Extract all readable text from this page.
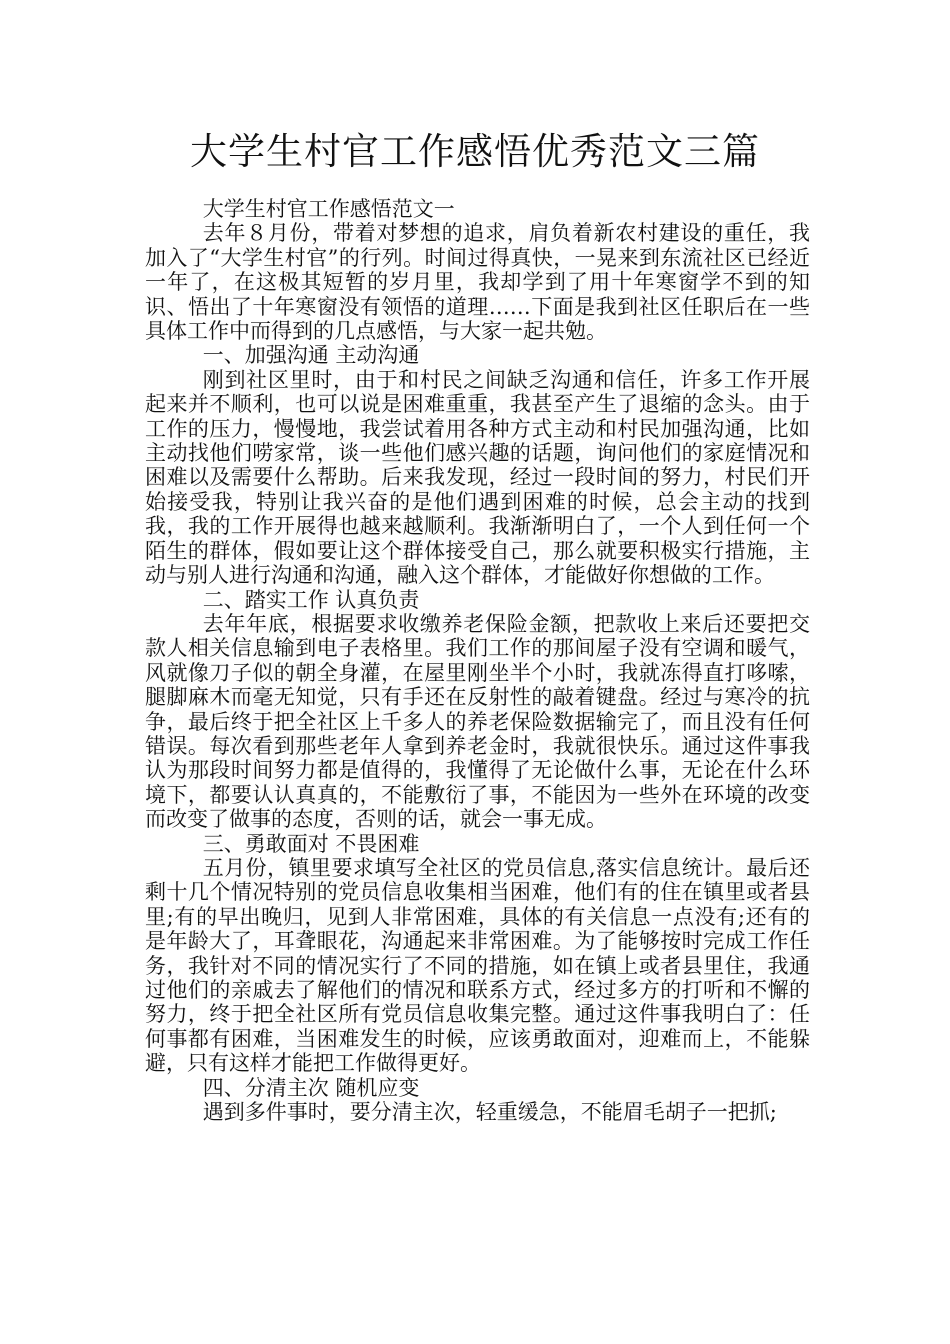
大学生村官工作感悟优秀范文三篇

大学生村官工作感悟范文一

去年８月份，带着对梦想的追求，肩负着新农村建设的重任，我加入了“大学生村官”的行列。时间过得真快，一晃来到东流社区已经近一年了，在这极其短暂的岁月里，我却学到了用十年寒窗学不到的知识、悟出了十年寒窗没有领悟的道理……下面是我到社区任职后在一些具体工作中而得到的几点感悟，与大家一起共勉。

一、加强沟通 主动沟通

刚到社区里时，由于和村民之间缺乏沟通和信任，许多工作开展起来并不顺利，也可以说是困难重重，我甚至产生了退缩的念头。由于工作的压力，慢慢地，我尝试着用各种方式主动和村民加强沟通，比如主动找他们唠家常，谈一些他们感兴趣的话题，询问他们的家庭情况和困难以及需要什么帮助。后来我发现，经过一段时间的努力，村民们开始接受我，特别让我兴奋的是他们遇到困难的时候，总会主动的找到我，我的工作开展得也越来越顺利。我渐渐明白了，一个人到任何一个陌生的群体，假如要让这个群体接受自己，那么就要积极实行措施，主动与别人进行沟通和沟通，融入这个群体，才能做好你想做的工作。

二、踏实工作 认真负责

去年年底，根据要求收缴养老保险金额，把款收上来后还要把交款人相关信息输到电子表格里。我们工作的那间屋子没有空调和暖气，风就像刀子似的朝全身灌，在屋里刚坐半个小时，我就冻得直打哆嗦，腿脚麻木而毫无知觉，只有手还在反射性的敲着键盘。经过与寒冷的抗争，最后终于把全社区上千多人的养老保险数据输完了，而且没有任何错误。每次看到那些老年人拿到养老金时，我就很快乐。通过这件事我认为那段时间努力都是值得的，我懂得了无论做什么事，无论在什么环境下，都要认认真真的，不能敷衍了事，不能因为一些外在环境的改变而改变了做事的态度，否则的话，就会一事无成。

三、勇敢面对 不畏困难

五月份，镇里要求填写全社区的党员信息,落实信息统计。最后还剩十几个情况特别的党员信息收集相当困难，他们有的住在镇里或者县里;有的早出晚归，见到人非常困难，具体的有关信息一点没有;还有的是年龄大了，耳聋眼花，沟通起来非常困难。为了能够按时完成工作任务，我针对不同的情况实行了不同的措施，如在镇上或者县里住，我通过他们的亲戚去了解他们的情况和联系方式，经过多方的打听和不懈的努力，终于把全社区所有党员信息收集完整。通过这件事我明白了：任何事都有困难，当困难发生的时候，应该勇敢面对，迎难而上，不能躲避，只有这样才能把工作做得更好。

四、分清主次 随机应变

遇到多件事时，要分清主次，轻重缓急，不能眉毛胡子一把抓;
